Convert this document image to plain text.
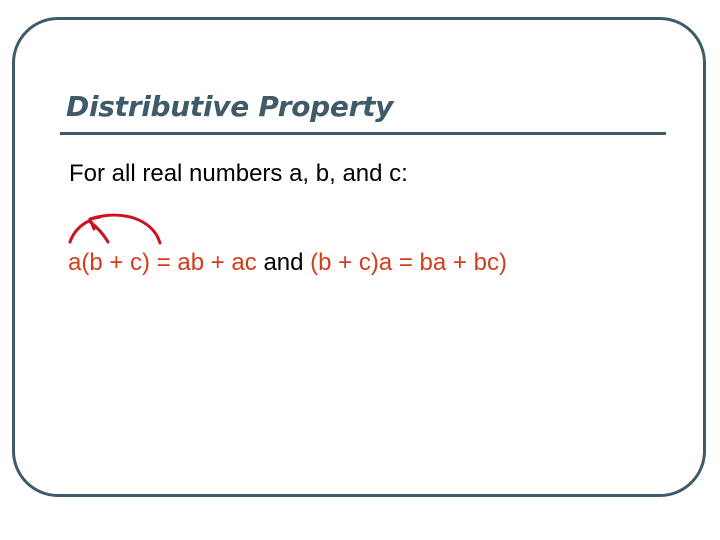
Distributive Property
For all real numbers a, b, and c:
a(b + c) = ab + ac and (b + c)a = ba + bc)
